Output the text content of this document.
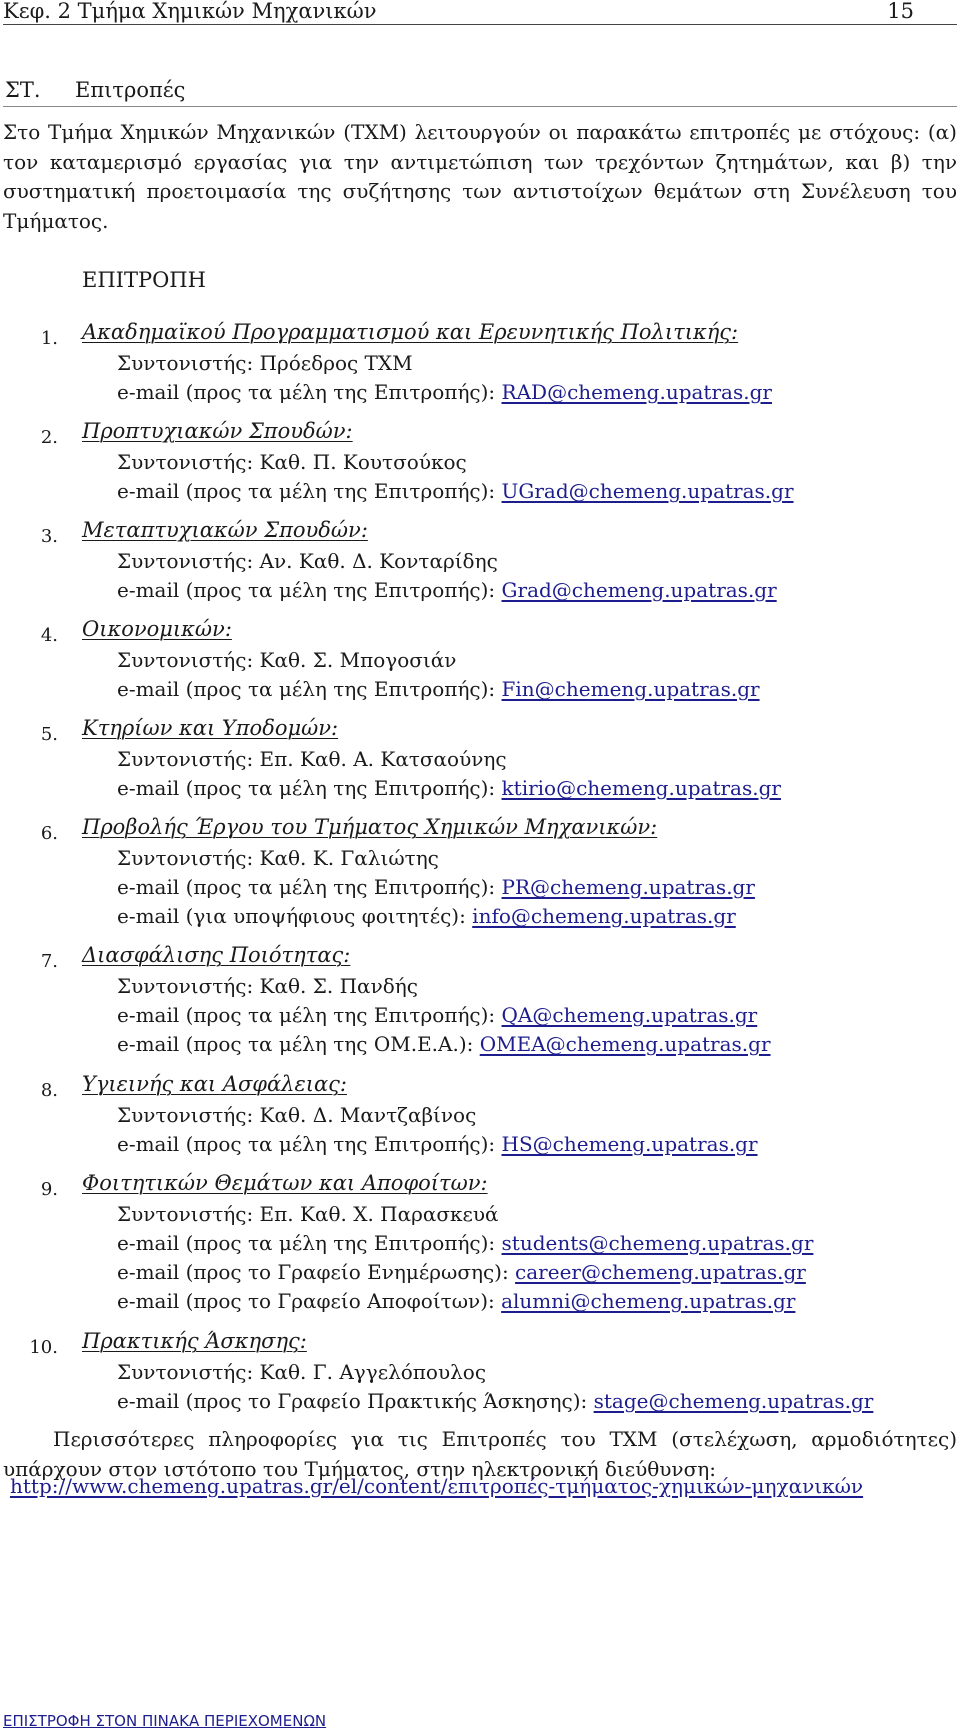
Κεφ. 2 Τμήμα Χημικών Μηχανικών	15
ΣΤ. Επιτροπές

Στο Τμήμα Χημικών Μηχανικών (ΤΧΜ) λειτουργούν οι παρακάτω επιτροπές με στόχους: (α) τον καταμερισμό εργασίας για την αντιμετώπιση των τρεχόντων ζητημάτων, και β) την συστηματική προετοιμασία της συζήτησης των αντιστοίχων θεμάτων στη Συνέλευση του Τμήματος.

ΕΠΙΤΡΟΠΗ
1. Ακαδημαϊκού Προγραμματισμού και Ερευνητικής Πολιτικής:
Συντονιστής: Πρόεδρος ΤΧΜ
e-mail (προς τα μέλη της Επιτροπής): RAD@chemeng.upatras.gr
2. Προπτυχιακών Σπουδών:
Συντονιστής: Καθ. Π. Κουτσούκος
e-mail (προς τα μέλη της Επιτροπής): UGrad@chemeng.upatras.gr
3. Μεταπτυχιακών Σπουδών:
Συντονιστής: Αν. Καθ. Δ. Κονταρίδης
e-mail (προς τα μέλη της Επιτροπής): Grad@chemeng.upatras.gr
4. Οικονομικών:
Συντονιστής: Καθ. Σ. Μπογοσιάν
e-mail (προς τα μέλη της Επιτροπής): Fin@chemeng.upatras.gr
5. Κτηρίων και Υποδομών:
Συντονιστής: Επ. Καθ. Α. Κατσαούνης
e-mail (προς τα μέλη της Επιτροπής): ktirio@chemeng.upatras.gr
6. Προβολής Έργου του Τμήματος Χημικών Μηχανικών:
Συντονιστής: Καθ. Κ. Γαλιώτης
e-mail (προς τα μέλη της Επιτροπής): PR@chemeng.upatras.gr
e-mail (για υποψήφιους φοιτητές): info@chemeng.upatras.gr
7. Διασφάλισης Ποιότητας:
Συντονιστής: Καθ. Σ. Πανδής
e-mail (προς τα μέλη της Επιτροπής): QA@chemeng.upatras.gr
e-mail (προς τα μέλη της ΟΜ.Ε.Α.): OMEA@chemeng.upatras.gr
8. Υγιεινής και Ασφάλειας:
Συντονιστής: Καθ. Δ. Μαντζαβίνος
e-mail (προς τα μέλη της Επιτροπής): HS@chemeng.upatras.gr
9. Φοιτητικών Θεμάτων και Αποφοίτων:
Συντονιστής: Επ. Καθ. Χ. Παρασκευά
e-mail (προς τα μέλη της Επιτροπής): students@chemeng.upatras.gr
e-mail (προς το Γραφείο Ενημέρωσης): career@chemeng.upatras.gr
e-mail (προς το Γραφείο Αποφοίτων): alumni@chemeng.upatras.gr
10. Πρακτικής Άσκησης:
Συντονιστής: Καθ. Γ. Αγγελόπουλος
e-mail (προς το Γραφείο Πρακτικής Άσκησης): stage@chemeng.upatras.gr

Περισσότερες πληροφορίες για τις Επιτροπές του ΤΧΜ (στελέχωση, αρμοδιότητες) υπάρχουν στον ιστότοπο του Τμήματος, στην ηλεκτρονική διεύθυνση:

http://www.chemeng.upatras.gr/el/content/επιτροπές-τμήματος-χημικών-μηχανικών
ΕΠΙΣΤΡΟΦΗ ΣΤΟΝ ΠΙΝΑΚΑ ΠΕΡΙΕΧΟΜΕΝΩΝ
